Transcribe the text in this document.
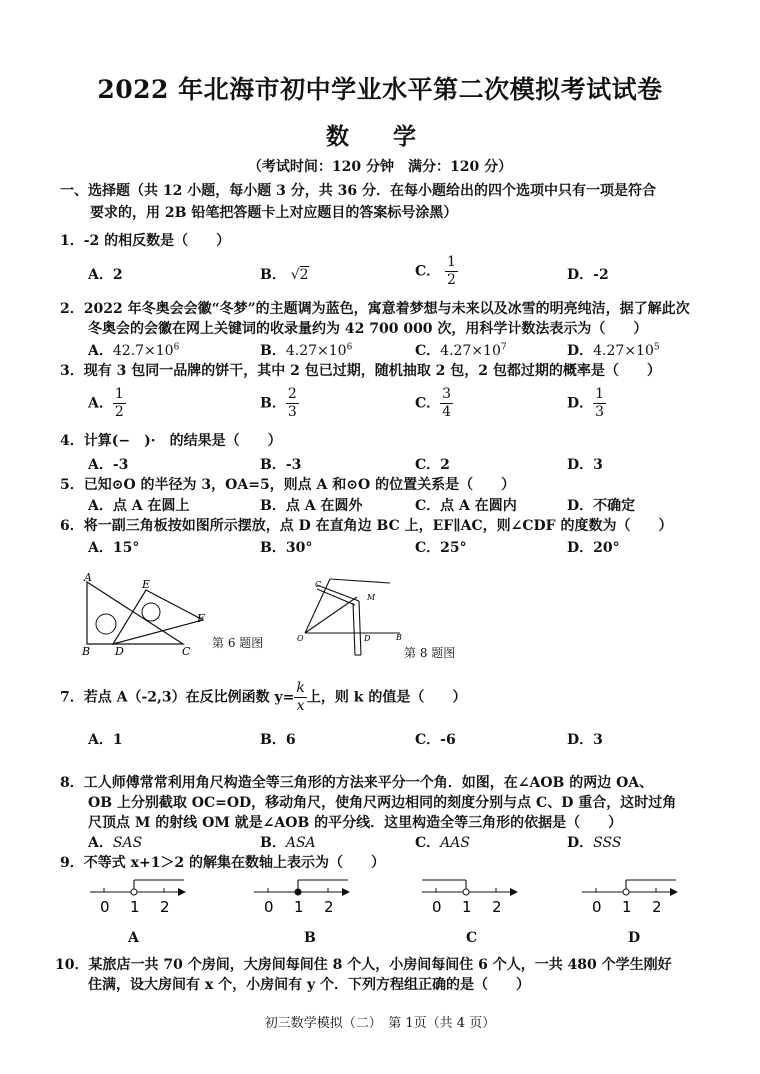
2022 年北海市初中学业水平第二次模拟考试试卷
数 学
（考试时间：120 分钟　满分：120 分）
一、选择题（共 12 小题，每小题 3 分，共 36 分．在每小题给出的四个选项中只有一项是符合
要求的，用 2B 铅笔把答题卡上对应题目的答案标号涂黑）
1．-2 的相反数是（　　）
A．2	B． √2	C． $\frac{1}{2}$	D．-2
2．2022 年冬奥会会徽“冬梦”的主题调为蓝色，寓意着梦想与未来以及冰雪的明亮纯洁，据了解此次
冬奥会的会徽在网上关键词的收录量约为 42 700 000 次，用科学计数法表示为（　　）
A．$42.7\times 10^6$	B．$4.27\times 10^6$	C．$4.27\times 10^7$	D．$4.27\times 10^5$
3．现有 3 包同一品牌的饼干，其中 2 包已过期，随机抽取 2 包，2 包都过期的概率是（　　）
A． $\frac{1}{2}$	B． $\frac{2}{3}$	C． $\frac{3}{4}$	D． $\frac{1}{3}$
4．计算(−　)·　的结果是（　　）
A．-3	B．-3	C．2	D．3
5．已知⊙O 的半径为 3，OA=5，则点 A 和⊙O 的位置关系是（　　）
A．点 A 在圆上	B．点 A 在圆外	C．点 A 在圆内	D．不确定
6．将一副三角板按如图所示摆放，点 D 在直角边 BC 上，EF∥AC，则∠CDF 的度数为（　　）
A．15°	B．30°	C．25°	D．20°
A
E
F
B D	C
第 6 题图
C
M
O	D	B
第 8 题图
7．若点 A（-2,3）在反比例函数 $y= \frac{k}{x}$ 上，则 k 的值是（　　）
A．1	B．6	C．-6	D．3
8．工人师傅常常利用角尺构造全等三角形的方法来平分一个角．如图，在∠AOB 的两边 OA、
OB 上分别截取 OC=OD，移动角尺，使角尺两边相同的刻度分别与点 C、D 重合，这时过角
尺顶点 M 的射线 OM 就是∠AOB 的平分线．这里构造全等三角形的依据是（　　）
A．SAS	B．ASA	C．AAS	D．SSS
9．不等式 x+1＞2 的解集在数轴上表示为（　　）
0 1 2
A
0 1 2
B
0 1 2
C
0 1 2
D
10．某旅店一共 70 个房间，大房间每间住 8 个人，小房间每间住 6 个人，一共 480 个学生刚好
住满，设大房间有 x 个，小房间有 y 个．下列方程组正确的是（　　）
初三数学模拟（二）　第 1页（共 4 页）
